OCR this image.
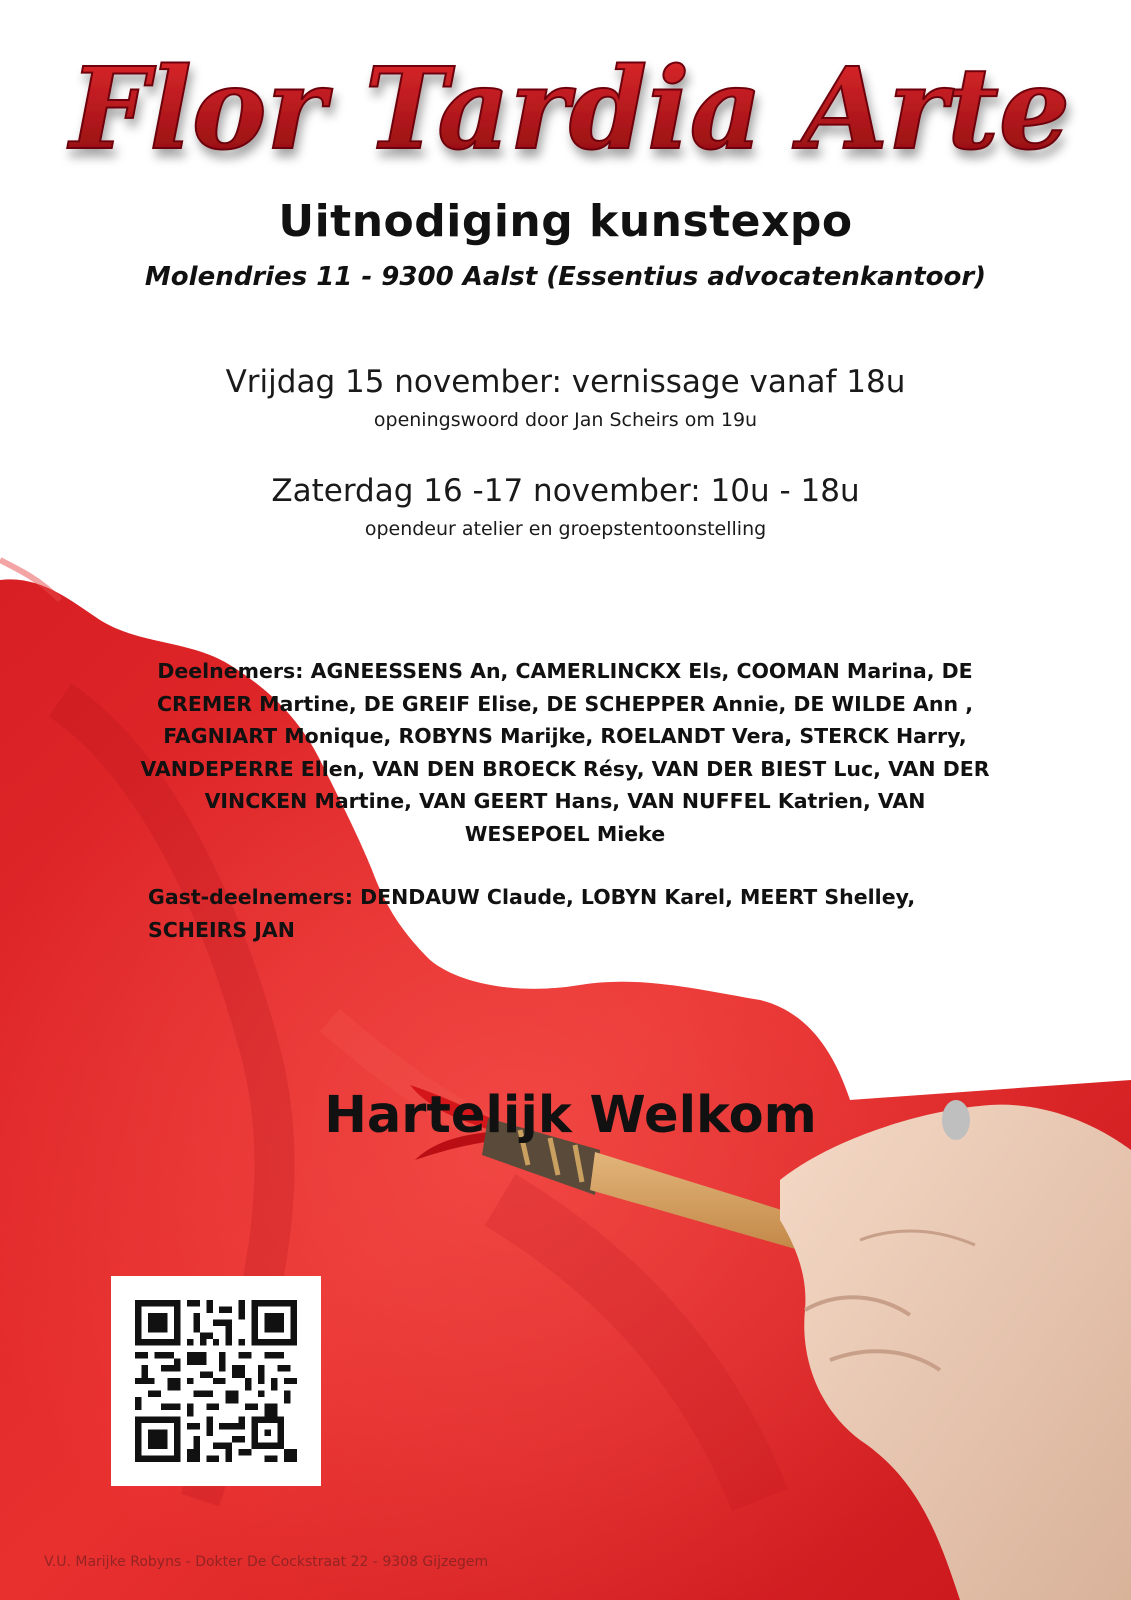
Flor Tardia Arte
Uitnodiging kunstexpo
Molendries 11 - 9300 Aalst (Essentius advocatenkantoor)
Vrijdag 15 november: vernissage vanaf 18u
openingswoord door Jan Scheirs om 19u
Zaterdag 16 -17 november: 10u - 18u
opendeur atelier en groepstentoonstelling
Deelnemers: AGNEESSENS An, CAMERLINCKX Els, COOMAN Marina, DE CREMER Martine, DE GREIF Elise, DE SCHEPPER Annie, DE WILDE Ann , FAGNIART Monique, ROBYNS Marijke, ROELANDT Vera, STERCK Harry, VANDEPERRE Ellen, VAN DEN BROECK Résy, VAN DER BIEST Luc, VAN DER VINCKEN Martine, VAN GEERT Hans, VAN NUFFEL Katrien, VAN WESEPOEL Mieke
Gast-deelnemers: DENDAUW Claude, LOBYN Karel, MEERT Shelley, SCHEIRS JAN
Hartelijk Welkom
V.U. Marijke Robyns - Dokter De Cockstraat 22 - 9308 Gijzegem
